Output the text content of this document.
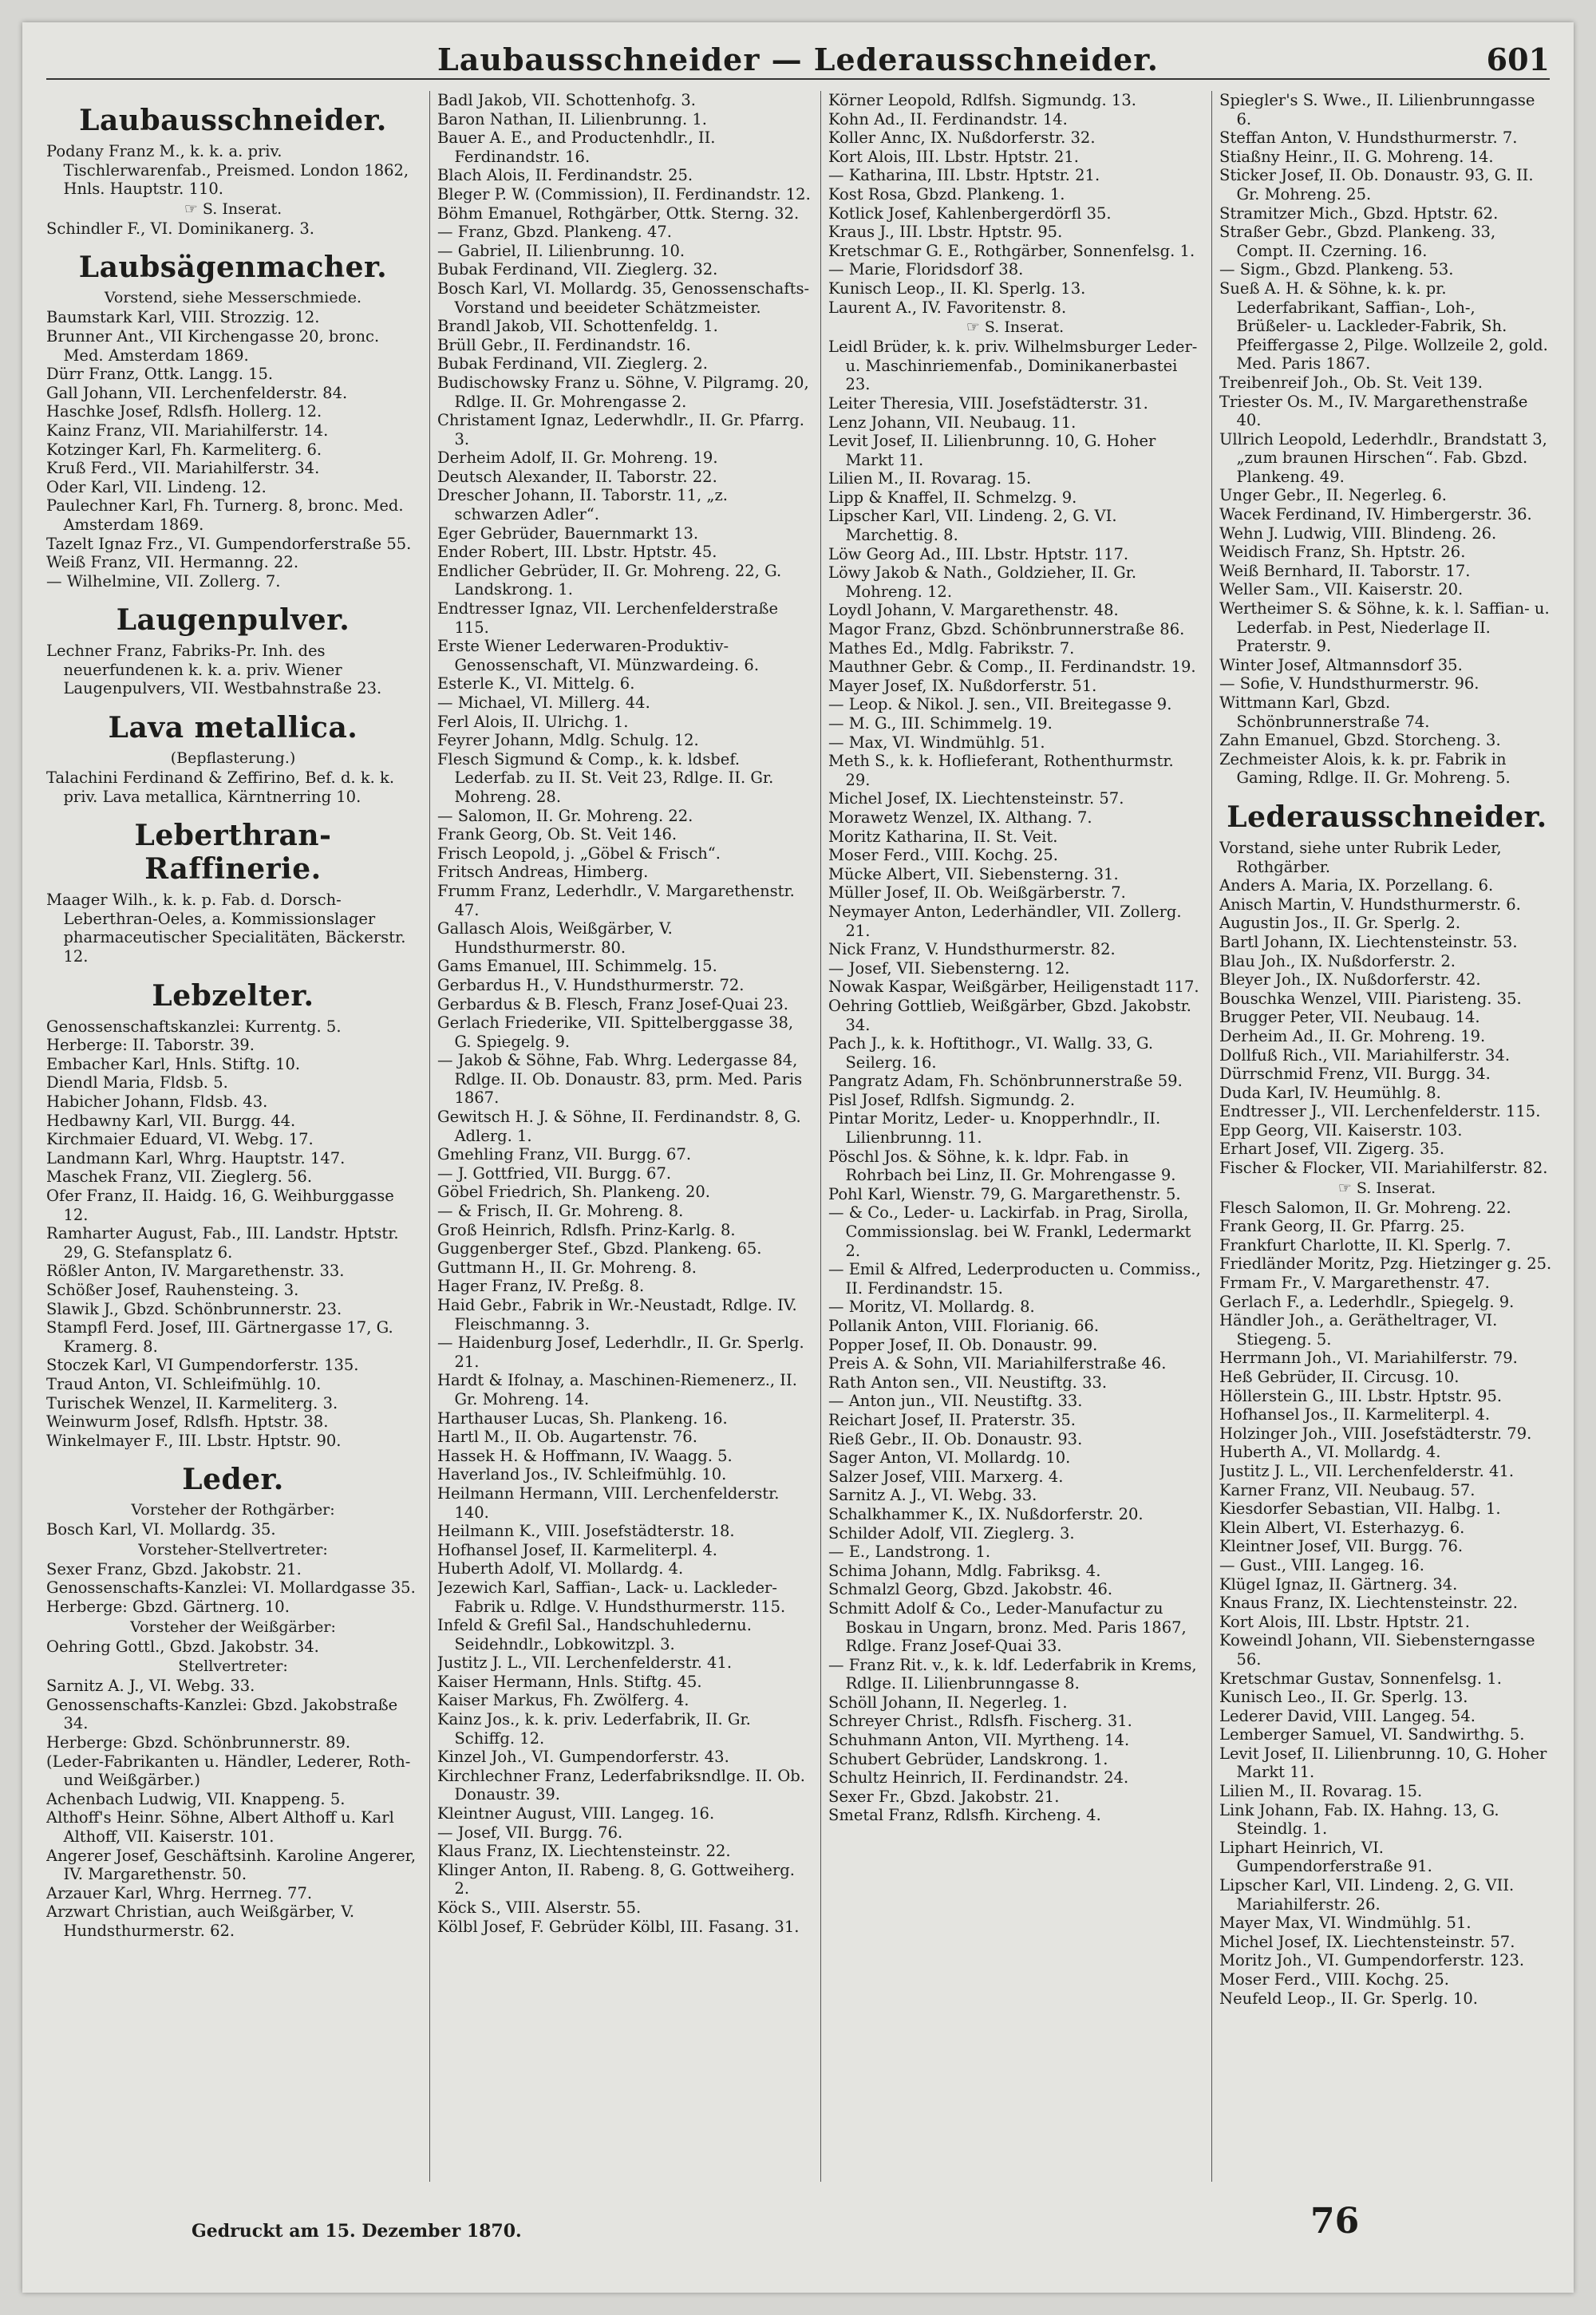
Laubausschneider — Lederausschneider.	601
Laubausschneider.
Podany Franz M., k. k. a. priv. Tischlerwarenfab., Preismed. London 1862, Hnls. Hauptstr. 110.
☞ S. Inserat.
Schindler F., VI. Dominikanerg. 3.
Laubsägenmacher.
Vorstend, siehe Messerschmiede.
Baumstark Karl, VIII. Strozzig. 12.
Brunner Ant., VII Kirchengasse 20, bronc. Med. Amsterdam 1869.
Dürr Franz, Ottk. Langg. 15.
Gall Johann, VII. Lerchenfelderstr. 84.
Haschke Josef, Rdlsfh. Hollerg. 12.
Kainz Franz, VII. Mariahilferstr. 14.
Kotzinger Karl, Fh. Karmeliterg. 6.
Kruß Ferd., VII. Mariahilferstr. 34.
Oder Karl, VII. Lindeng. 12.
Paulechner Karl, Fh. Turnerg. 8, bronc. Med. Amsterdam 1869.
Tazelt Ignaz Frz., VI. Gumpendorferstraße 55.
Weiß Franz, VII. Hermanng. 22.
— Wilhelmine, VII. Zollerg. 7.
Laugenpulver.
Lechner Franz, Fabriks-Pr. Inh. des neuerfundenen k. k. a. priv. Wiener Laugenpulvers, VII. Westbahnstraße 23.
Lava metallica.
(Bepflasterung.)
Talachini Ferdinand & Zeffirino, Bef. d. k. k. priv. Lava metallica, Kärntnerring 10.
Leberthran-Raffinerie.
Maager Wilh., k. k. p. Fab. d. Dorsch-Leberthran-Oeles, a. Kommissionslager pharmaceutischer Specialitäten, Bäckerstr. 12.
Lebzelter.
Genossenschaftskanzlei: Kurrentg. 5.
Herberge: II. Taborstr. 39.
Embacher Karl, Hnls. Stiftg. 10.
Diendl Maria, Fldsb. 5.
Habicher Johann, Fldsb. 43.
Hedbawny Karl, VII. Burgg. 44.
Kirchmaier Eduard, VI. Webg. 17.
Landmann Karl, Whrg. Hauptstr. 147.
Maschek Franz, VII. Zieglerg. 56.
Ofer Franz, II. Haidg. 16, G. Weihburggasse 12.
Ramharter August, Fab., III. Landstr. Hptstr. 29, G. Stefansplatz 6.
Rößler Anton, IV. Margarethenstr. 33.
Schößer Josef, Rauhensteing. 3.
Slawik J., Gbzd. Schönbrunnerstr. 23.
Stampfl Ferd. Josef, III. Gärtnergasse 17, G. Kramerg. 8.
Stoczek Karl, VI Gumpendorferstr. 135.
Traud Anton, VI. Schleifmühlg. 10.
Turischek Wenzel, II. Karmeliterg. 3.
Weinwurm Josef, Rdlsfh. Hptstr. 38.
Winkelmayer F., III. Lbstr. Hptstr. 90.
Leder.
Vorsteher der Rothgärber:
Bosch Karl, VI. Mollardg. 35.
Vorsteher-Stellvertreter:
Sexer Franz, Gbzd. Jakobstr. 21.
Genossenschafts-Kanzlei: VI. Mollardgasse 35.
Herberge: Gbzd. Gärtnerg. 10.
Vorsteher der Weißgärber:
Oehring Gottl., Gbzd. Jakobstr. 34.
Stellvertreter:
Sarnitz A. J., VI. Webg. 33.
Genossenschafts-Kanzlei: Gbzd. Jakobstraße 34.
Herberge: Gbzd. Schönbrunnerstr. 89.
(Leder-Fabrikanten u. Händler, Lederer, Roth- und Weißgärber.)
Achenbach Ludwig, VII. Knappeng. 5.
Althoff's Heinr. Söhne, Albert Althoff u. Karl Althoff, VII. Kaiserstr. 101.
Angerer Josef, Geschäftsinh. Karoline Angerer, IV. Margarethenstr. 50.
Arzauer Karl, Whrg. Herrneg. 77.
Arzwart Christian, auch Weißgärber, V. Hundsthurmerstr. 62.
Badl Jakob, VII. Schottenhofg. 3.
Baron Nathan, II. Lilienbrunng. 1.
Bauer A. E., and Productenhdlr., II. Ferdinandstr. 16.
Blach Alois, II. Ferdinandstr. 25.
Bleger P. W. (Commission), II. Ferdinandstr. 12.
Böhm Emanuel, Rothgärber, Ottk. Sterng. 32.
— Franz, Gbzd. Plankeng. 47.
— Gabriel, II. Lilienbrunng. 10.
Bubak Ferdinand, VII. Zieglerg. 32.
Bosch Karl, VI. Mollardg. 35, Genossenschafts-Vorstand und beeideter Schätzmeister.
Brandl Jakob, VII. Schottenfeldg. 1.
Brüll Gebr., II. Ferdinandstr. 16.
Bubak Ferdinand, VII. Zieglerg. 2.
Budischowsky Franz u. Söhne, V. Pilgramg. 20, Rdlge. II. Gr. Mohrengasse 2.
Christament Ignaz, Lederwhdlr., II. Gr. Pfarrg. 3.
Derheim Adolf, II. Gr. Mohreng. 19.
Deutsch Alexander, II. Taborstr. 22.
Drescher Johann, II. Taborstr. 11, „z. schwarzen Adler“.
Eger Gebrüder, Bauernmarkt 13.
Ender Robert, III. Lbstr. Hptstr. 45.
Endlicher Gebrüder, II. Gr. Mohreng. 22, G. Landskrong. 1.
Endtresser Ignaz, VII. Lerchenfelderstraße 115.
Erste Wiener Lederwaren-Produktiv-Genossenschaft, VI. Münzwardeing. 6.
Esterle K., VI. Mittelg. 6.
— Michael, VI. Millerg. 44.
Ferl Alois, II. Ulrichg. 1.
Feyrer Johann, Mdlg. Schulg. 12.
Flesch Sigmund & Comp., k. k. ldsbef. Lederfab. zu II. St. Veit 23, Rdlge. II. Gr. Mohreng. 28.
— Salomon, II. Gr. Mohreng. 22.
Frank Georg, Ob. St. Veit 146.
Frisch Leopold, j. „Göbel & Frisch“.
Fritsch Andreas, Himberg.
Frumm Franz, Lederhdlr., V. Margarethenstr. 47.
Gallasch Alois, Weißgärber, V. Hundsthurmerstr. 80.
Gams Emanuel, III. Schimmelg. 15.
Gerbardus H., V. Hundsthurmerstr. 72.
Gerbardus & B. Flesch, Franz Josef-Quai 23.
Gerlach Friederike, VII. Spittelberggasse 38, G. Spiegelg. 9.
— Jakob & Söhne, Fab. Whrg. Ledergasse 84, Rdlge. II. Ob. Donaustr. 83, prm. Med. Paris 1867.
Gewitsch H. J. & Söhne, II. Ferdinandstr. 8, G. Adlerg. 1.
Gmehling Franz, VII. Burgg. 67.
— J. Gottfried, VII. Burgg. 67.
Göbel Friedrich, Sh. Plankeng. 20.
— & Frisch, II. Gr. Mohreng. 8.
Groß Heinrich, Rdlsfh. Prinz-Karlg. 8.
Guggenberger Stef., Gbzd. Plankeng. 65.
Guttmann H., II. Gr. Mohreng. 8.
Hager Franz, IV. Preßg. 8.
Haid Gebr., Fabrik in Wr.-Neustadt, Rdlge. IV. Fleischmanng. 3.
— Haidenburg Josef, Lederhdlr., II. Gr. Sperlg. 21.
Hardt & Ifolnay, a. Maschinen-Riemenerz., II. Gr. Mohreng. 14.
Harthauser Lucas, Sh. Plankeng. 16.
Hartl M., II. Ob. Augartenstr. 76.
Hassek H. & Hoffmann, IV. Waagg. 5.
Haverland Jos., IV. Schleifmühlg. 10.
Heilmann Hermann, VIII. Lerchenfelderstr. 140.
Heilmann K., VIII. Josefstädterstr. 18.
Hofhansel Josef, II. Karmeliterpl. 4.
Huberth Adolf, VI. Mollardg. 4.
Jezewich Karl, Saffian-, Lack- u. Lackleder-Fabrik u. Rdlge. V. Hundsthurmerstr. 115.
Infeld & Grefil Sal., Handschuhledernu. Seidehndlr., Lobkowitzpl. 3.
Justitz J. L., VII. Lerchenfelderstr. 41.
Kaiser Hermann, Hnls. Stiftg. 45.
Kaiser Markus, Fh. Zwölferg. 4.
Kainz Jos., k. k. priv. Lederfabrik, II. Gr. Schiffg. 12.
Kinzel Joh., VI. Gumpendorferstr. 43.
Kirchlechner Franz, Lederfabriksndlge. II. Ob. Donaustr. 39.
Kleintner August, VIII. Langeg. 16.
— Josef, VII. Burgg. 76.
Klaus Franz, IX. Liechtensteinstr. 22.
Klinger Anton, II. Rabeng. 8, G. Gottweiherg. 2.
Köck S., VIII. Alserstr. 55.
Kölbl Josef, F. Gebrüder Kölbl, III. Fasang. 31.
Körner Leopold, Rdlfsh. Sigmundg. 13.
Kohn Ad., II. Ferdinandstr. 14.
Koller Annc, IX. Nußdorferstr. 32.
Kort Alois, III. Lbstr. Hptstr. 21.
— Katharina, III. Lbstr. Hptstr. 21.
Kost Rosa, Gbzd. Plankeng. 1.
Kotlick Josef, Kahlenbergerdörfl 35.
Kraus J., III. Lbstr. Hptstr. 95.
Kretschmar G. E., Rothgärber, Sonnenfelsg. 1.
— Marie, Floridsdorf 38.
Kunisch Leop., II. Kl. Sperlg. 13.
Laurent A., IV. Favoritenstr. 8.
☞ S. Inserat.
Leidl Brüder, k. k. priv. Wilhelmsburger Leder- u. Maschinriemenfab., Dominikanerbastei 23.
Leiter Theresia, VIII. Josefstädterstr. 31.
Lenz Johann, VII. Neubaug. 11.
Levit Josef, II. Lilienbrunng. 10, G. Hoher Markt 11.
Lilien M., II. Rovarag. 15.
Lipp & Knaffel, II. Schmelzg. 9.
Lipscher Karl, VII. Lindeng. 2, G. VI. Marchettig. 8.
Löw Georg Ad., III. Lbstr. Hptstr. 117.
Löwy Jakob & Nath., Goldzieher, II. Gr. Mohreng. 12.
Loydl Johann, V. Margarethenstr. 48.
Magor Franz, Gbzd. Schönbrunnerstraße 86.
Mathes Ed., Mdlg. Fabrikstr. 7.
Mauthner Gebr. & Comp., II. Ferdinandstr. 19.
Mayer Josef, IX. Nußdorferstr. 51.
— Leop. & Nikol. J. sen., VII. Breitegasse 9.
— M. G., III. Schimmelg. 19.
— Max, VI. Windmühlg. 51.
Meth S., k. k. Hoflieferant, Rothenthurmstr. 29.
Michel Josef, IX. Liechtensteinstr. 57.
Morawetz Wenzel, IX. Althang. 7.
Moritz Katharina, II. St. Veit.
Moser Ferd., VIII. Kochg. 25.
Mücke Albert, VII. Siebensterng. 31.
Müller Josef, II. Ob. Weißgärberstr. 7.
Neymayer Anton, Lederhändler, VII. Zollerg. 21.
Nick Franz, V. Hundsthurmerstr. 82.
— Josef, VII. Siebensterng. 12.
Nowak Kaspar, Weißgärber, Heiligenstadt 117.
Oehring Gottlieb, Weißgärber, Gbzd. Jakobstr. 34.
Pach J., k. k. Hoftithogr., VI. Wallg. 33, G. Seilerg. 16.
Pangratz Adam, Fh. Schönbrunnerstraße 59.
Pisl Josef, Rdlfsh. Sigmundg. 2.
Pintar Moritz, Leder- u. Knopperhndlr., II. Lilienbrunng. 11.
Pöschl Jos. & Söhne, k. k. ldpr. Fab. in Rohrbach bei Linz, II. Gr. Mohrengasse 9.
Pohl Karl, Wienstr. 79, G. Margarethenstr. 5.
— & Co., Leder- u. Lackirfab. in Prag, Sirolla, Commissionslag. bei W. Frankl, Ledermarkt 2.
— Emil & Alfred, Lederproducten u. Commiss., II. Ferdinandstr. 15.
— Moritz, VI. Mollardg. 8.
Pollanik Anton, VIII. Florianig. 66.
Popper Josef, II. Ob. Donaustr. 99.
Preis A. & Sohn, VII. Mariahilferstraße 46.
Rath Anton sen., VII. Neustiftg. 33.
— Anton jun., VII. Neustiftg. 33.
Reichart Josef, II. Praterstr. 35.
Rieß Gebr., II. Ob. Donaustr. 93.
Sager Anton, VI. Mollardg. 10.
Salzer Josef, VIII. Marxerg. 4.
Sarnitz A. J., VI. Webg. 33.
Schalkhammer K., IX. Nußdorferstr. 20.
Schilder Adolf, VII. Zieglerg. 3.
— E., Landstrong. 1.
Schima Johann, Mdlg. Fabriksg. 4.
Schmalzl Georg, Gbzd. Jakobstr. 46.
Schmitt Adolf & Co., Leder-Manufactur zu Boskau in Ungarn, bronz. Med. Paris 1867, Rdlge. Franz Josef-Quai 33.
— Franz Rit. v., k. k. ldf. Lederfabrik in Krems, Rdlge. II. Lilienbrunngasse 8.
Schöll Johann, II. Negerleg. 1.
Schreyer Christ., Rdlsfh. Fischerg. 31.
Schuhmann Anton, VII. Myrtheng. 14.
Schubert Gebrüder, Landskrong. 1.
Schultz Heinrich, II. Ferdinandstr. 24.
Sexer Fr., Gbzd. Jakobstr. 21.
Smetal Franz, Rdlsfh. Kircheng. 4.
Spiegler's S. Wwe., II. Lilienbrunngasse 6.
Steffan Anton, V. Hundsthurmerstr. 7.
Stiaßny Heinr., II. G. Mohreng. 14.
Sticker Josef, II. Ob. Donaustr. 93, G. II. Gr. Mohreng. 25.
Stramitzer Mich., Gbzd. Hptstr. 62.
Straßer Gebr., Gbzd. Plankeng. 33, Compt. II. Czerning. 16.
— Sigm., Gbzd. Plankeng. 53.
Sueß A. H. & Söhne, k. k. pr. Lederfabrikant, Saffian-, Loh-, Brüßeler- u. Lackleder-Fabrik, Sh. Pfeiffergasse 2, Pilge. Wollzeile 2, gold. Med. Paris 1867.
Treibenreif Joh., Ob. St. Veit 139.
Triester Os. M., IV. Margarethenstraße 40.
Ullrich Leopold, Lederhdlr., Brandstatt 3, „zum braunen Hirschen“. Fab. Gbzd. Plankeng. 49.
Unger Gebr., II. Negerleg. 6.
Wacek Ferdinand, IV. Himbergerstr. 36.
Wehn J. Ludwig, VIII. Blindeng. 26.
Weidisch Franz, Sh. Hptstr. 26.
Weiß Bernhard, II. Taborstr. 17.
Weller Sam., VII. Kaiserstr. 20.
Wertheimer S. & Söhne, k. k. l. Saffian- u. Lederfab. in Pest, Niederlage II. Praterstr. 9.
Winter Josef, Altmannsdorf 35.
— Sofie, V. Hundsthurmerstr. 96.
Wittmann Karl, Gbzd. Schönbrunnerstraße 74.
Zahn Emanuel, Gbzd. Storcheng. 3.
Zechmeister Alois, k. k. pr. Fabrik in Gaming, Rdlge. II. Gr. Mohreng. 5.
Lederausschneider.
Vorstand, siehe unter Rubrik Leder, Rothgärber.
Anders A. Maria, IX. Porzellang. 6.
Anisch Martin, V. Hundsthurmerstr. 6.
Augustin Jos., II. Gr. Sperlg. 2.
Bartl Johann, IX. Liechtensteinstr. 53.
Blau Joh., IX. Nußdorferstr. 2.
Bleyer Joh., IX. Nußdorferstr. 42.
Bouschka Wenzel, VIII. Piaristeng. 35.
Brugger Peter, VII. Neubaug. 14.
Derheim Ad., II. Gr. Mohreng. 19.
Dollfuß Rich., VII. Mariahilferstr. 34.
Dürrschmid Frenz, VII. Burgg. 34.
Duda Karl, IV. Heumühlg. 8.
Endtresser J., VII. Lerchenfelderstr. 115.
Epp Georg, VII. Kaiserstr. 103.
Erhart Josef, VII. Zigerg. 35.
Fischer & Flocker, VII. Mariahilferstr. 82.
☞ S. Inserat.
Flesch Salomon, II. Gr. Mohreng. 22.
Frank Georg, II. Gr. Pfarrg. 25.
Frankfurt Charlotte, II. Kl. Sperlg. 7.
Friedländer Moritz, Pzg. Hietzinger g. 25.
Frmam Fr., V. Margarethenstr. 47.
Gerlach F., a. Lederhdlr., Spiegelg. 9.
Händler Joh., a. Gerätheltrager, VI. Stiegeng. 5.
Herrmann Joh., VI. Mariahilferstr. 79.
Heß Gebrüder, II. Circusg. 10.
Höllerstein G., III. Lbstr. Hptstr. 95.
Hofhansel Jos., II. Karmeliterpl. 4.
Holzinger Joh., VIII. Josefstädterstr. 79.
Huberth A., VI. Mollardg. 4.
Justitz J. L., VII. Lerchenfelderstr. 41.
Karner Franz, VII. Neubaug. 57.
Kiesdorfer Sebastian, VII. Halbg. 1.
Klein Albert, VI. Esterhazyg. 6.
Kleintner Josef, VII. Burgg. 76.
— Gust., VIII. Langeg. 16.
Klügel Ignaz, II. Gärtnerg. 34.
Knaus Franz, IX. Liechtensteinstr. 22.
Kort Alois, III. Lbstr. Hptstr. 21.
Koweindl Johann, VII. Siebensterngasse 56.
Kretschmar Gustav, Sonnenfelsg. 1.
Kunisch Leo., II. Gr. Sperlg. 13.
Lederer David, VIII. Langeg. 54.
Lemberger Samuel, VI. Sandwirthg. 5.
Levit Josef, II. Lilienbrunng. 10, G. Hoher Markt 11.
Lilien M., II. Rovarag. 15.
Link Johann, Fab. IX. Hahng. 13, G. Steindlg. 1.
Liphart Heinrich, VI. Gumpendorferstraße 91.
Lipscher Karl, VII. Lindeng. 2, G. VII. Mariahilferstr. 26.
Mayer Max, VI. Windmühlg. 51.
Michel Josef, IX. Liechtensteinstr. 57.
Moritz Joh., VI. Gumpendorferstr. 123.
Moser Ferd., VIII. Kochg. 25.
Neufeld Leop., II. Gr. Sperlg. 10.
Gedruckt am 15. Dezember 1870.	76
